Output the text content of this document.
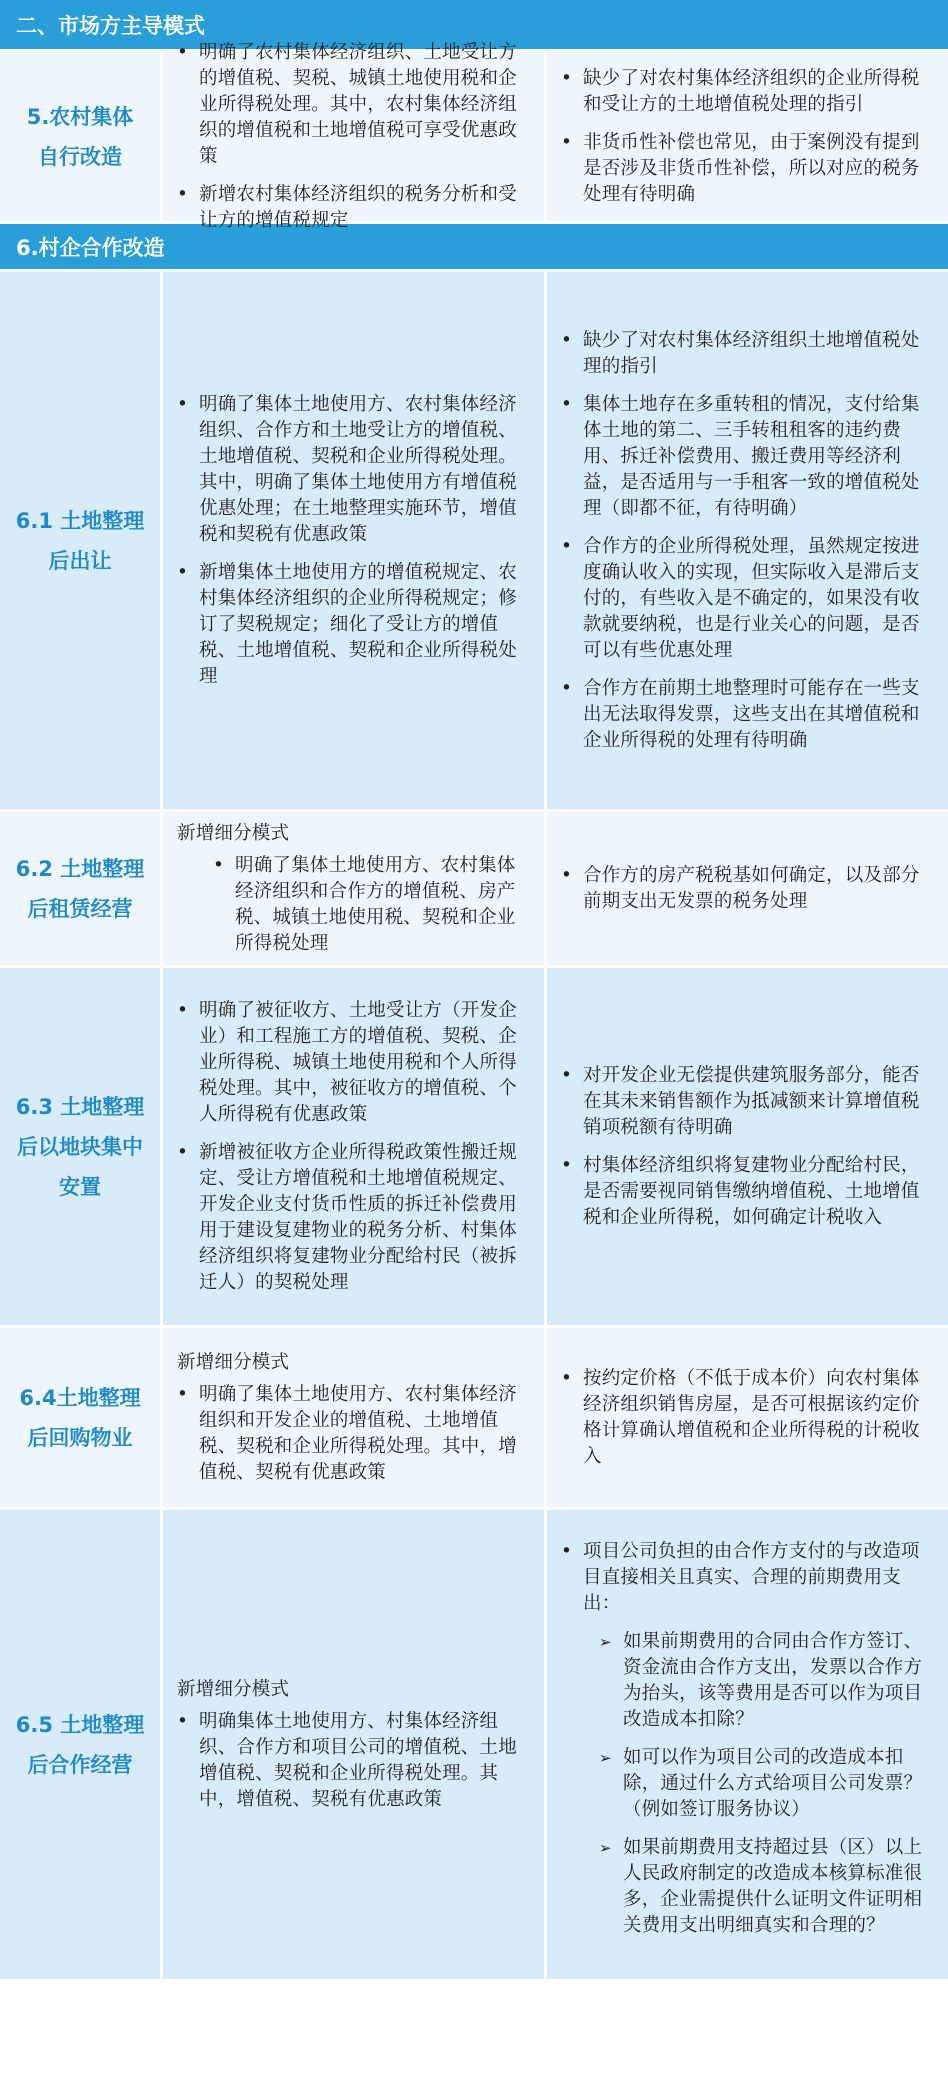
二、市场方主导模式
5.农村集体
自行改造
• 明确了农村集体经济组织、土地受让方的增值税、契税、城镇土地使用税和企业所得税处理。其中，农村集体经济组织的增值税和土地增值税可享受优惠政策
• 新增农村集体经济组织的税务分析和受让方的增值税规定
• 缺少了对农村集体经济组织的企业所得税和受让方的土地增值税处理的指引
• 非货币性补偿也常见，由于案例没有提到是否涉及非货币性补偿，所以对应的税务处理有待明确
6.村企合作改造
6.1 土地整理
后出让
• 明确了集体土地使用方、农村集体经济组织、合作方和土地受让方的增值税、土地增值税、契税和企业所得税处理。其中，明确了集体土地使用方有增值税优惠处理；在土地整理实施环节，增值税和契税有优惠政策
• 新增集体土地使用方的增值税规定、农村集体经济组织的企业所得税规定；修订了契税规定；细化了受让方的增值税、土地增值税、契税和企业所得税处理
• 缺少了对农村集体经济组织土地增值税处理的指引
• 集体土地存在多重转租的情况，支付给集体土地的第二、三手转租租客的违约费用、拆迁补偿费用、搬迁费用等经济利益，是否适用与一手租客一致的增值税处理（即都不征，有待明确）
• 合作方的企业所得税处理，虽然规定按进度确认收入的实现，但实际收入是滞后支付的，有些收入是不确定的，如果没有收款就要纳税，也是行业关心的问题，是否可以有些优惠处理
• 合作方在前期土地整理时可能存在一些支出无法取得发票，这些支出在其增值税和企业所得税的处理有待明确
6.2 土地整理
后租赁经营
新增细分模式
• 明确了集体土地使用方、农村集体经济组织和合作方的增值税、房产税、城镇土地使用税、契税和企业所得税处理
• 合作方的房产税税基如何确定，以及部分前期支出无发票的税务处理
6.3 土地整理
后以地块集中
安置
• 明确了被征收方、土地受让方（开发企业）和工程施工方的增值税、契税、企业所得税、城镇土地使用税和个人所得税处理。其中，被征收方的增值税、个人所得税有优惠政策
• 新增被征收方企业所得税政策性搬迁规定、受让方增值税和土地增值税规定、开发企业支付货币性质的拆迁补偿费用用于建设复建物业的税务分析、村集体经济组织将复建物业分配给村民（被拆迁人）的契税处理
• 对开发企业无偿提供建筑服务部分，能否在其未来销售额作为抵减额来计算增值税销项税额有待明确
• 村集体经济组织将复建物业分配给村民，是否需要视同销售缴纳增值税、土地增值税和企业所得税，如何确定计税收入
6.4土地整理
后回购物业
新增细分模式
• 明确了集体土地使用方、农村集体经济组织和开发企业的增值税、土地增值税、契税和企业所得税处理。其中，增值税、契税有优惠政策
• 按约定价格（不低于成本价）向农村集体经济组织销售房屋，是否可根据该约定价格计算确认增值税和企业所得税的计税收入
6.5 土地整理
后合作经营
新增细分模式
• 明确集体土地使用方、村集体经济组织、合作方和项目公司的增值税、土地增值税、契税和企业所得税处理。其中，增值税、契税有优惠政策
• 项目公司负担的由合作方支付的与改造项目直接相关且真实、合理的前期费用支出：
➢ 如果前期费用的合同由合作方签订、资金流由合作方支出，发票以合作方为抬头，该等费用是否可以作为项目改造成本扣除？
➢ 如可以作为项目公司的改造成本扣除，通过什么方式给项目公司发票？（例如签订服务协议）
➢ 如果前期费用支持超过县（区）以上人民政府制定的改造成本核算标准很多，企业需提供什么证明文件证明相关费用支出明细真实和合理的？
